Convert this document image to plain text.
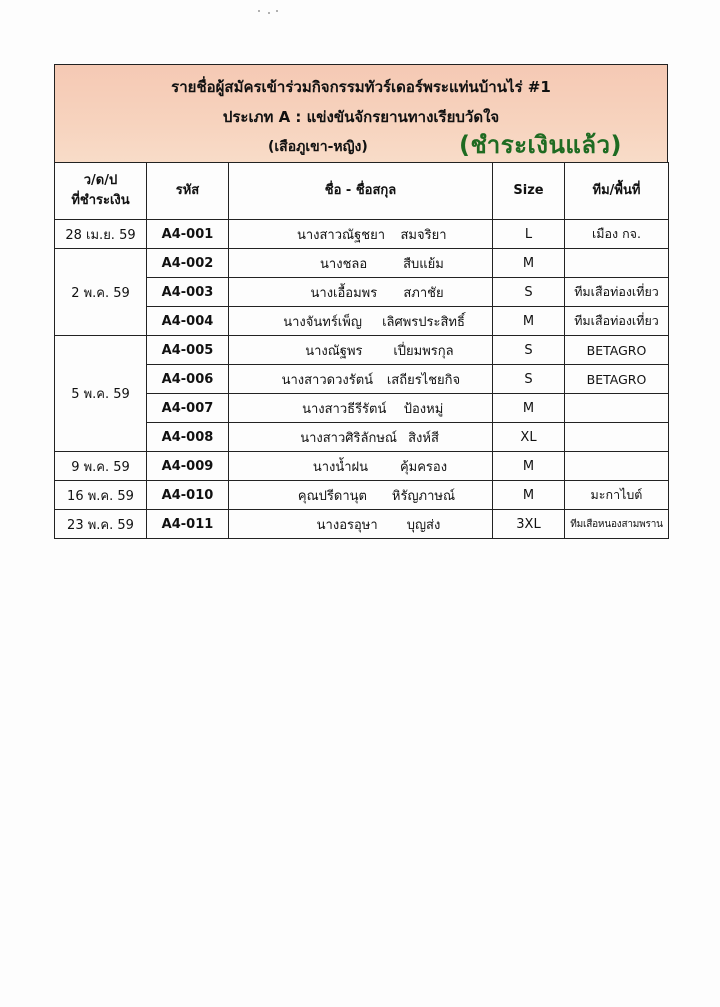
รายชื่อผู้สมัครเข้าร่วมกิจกรรมทัวร์เดอร์พระแท่นบ้านไร่ #1
ประเภท A : แข่งขันจักรยานทางเรียบวัดใจ
(เสือภูเขา-หญิง)	(ชำระเงินแล้ว)
ว/ด/ป
ที่ชำระเงิน	รหัส	ชื่อ - ชื่อสกุล	Size	ทีม/พื้นที่
28 เม.ย. 59	A4-001	นางสาวณัฐชยา สมจริยา	L	เมือง กจ.
2 พ.ค. 59	A4-002	นางชลอ สืบแย้ม	M	
	A4-003	นางเอื้อมพร สภาชัย	S	ทีมเสือท่องเที่ยว
	A4-004	นางจันทร์เพ็ญ เลิศพรประสิทธิ์	M	ทีมเสือท่องเที่ยว
5 พ.ค. 59	A4-005	นางณัฐพร เปี่ยมพรกุล	S	BETAGRO
	A4-006	นางสาวดวงรัตน์ เสถียรไชยกิจ	S	BETAGRO
	A4-007	นางสาวธีรีรัตน์ ป้องหมู่	M	
	A4-008	นางสาวศิริลักษณ์ สิงห์สี	XL	
9 พ.ค. 59	A4-009	นางน้ำฝน คุ้มครอง	M	
16 พ.ค. 59	A4-010	คุณปรีดานุต หิรัญภาษณ์	M	มะกาไบต์
23 พ.ค. 59	A4-011	นางอรอุษา บุญส่ง	3XL	ทีมเสือหนองสามพราน
